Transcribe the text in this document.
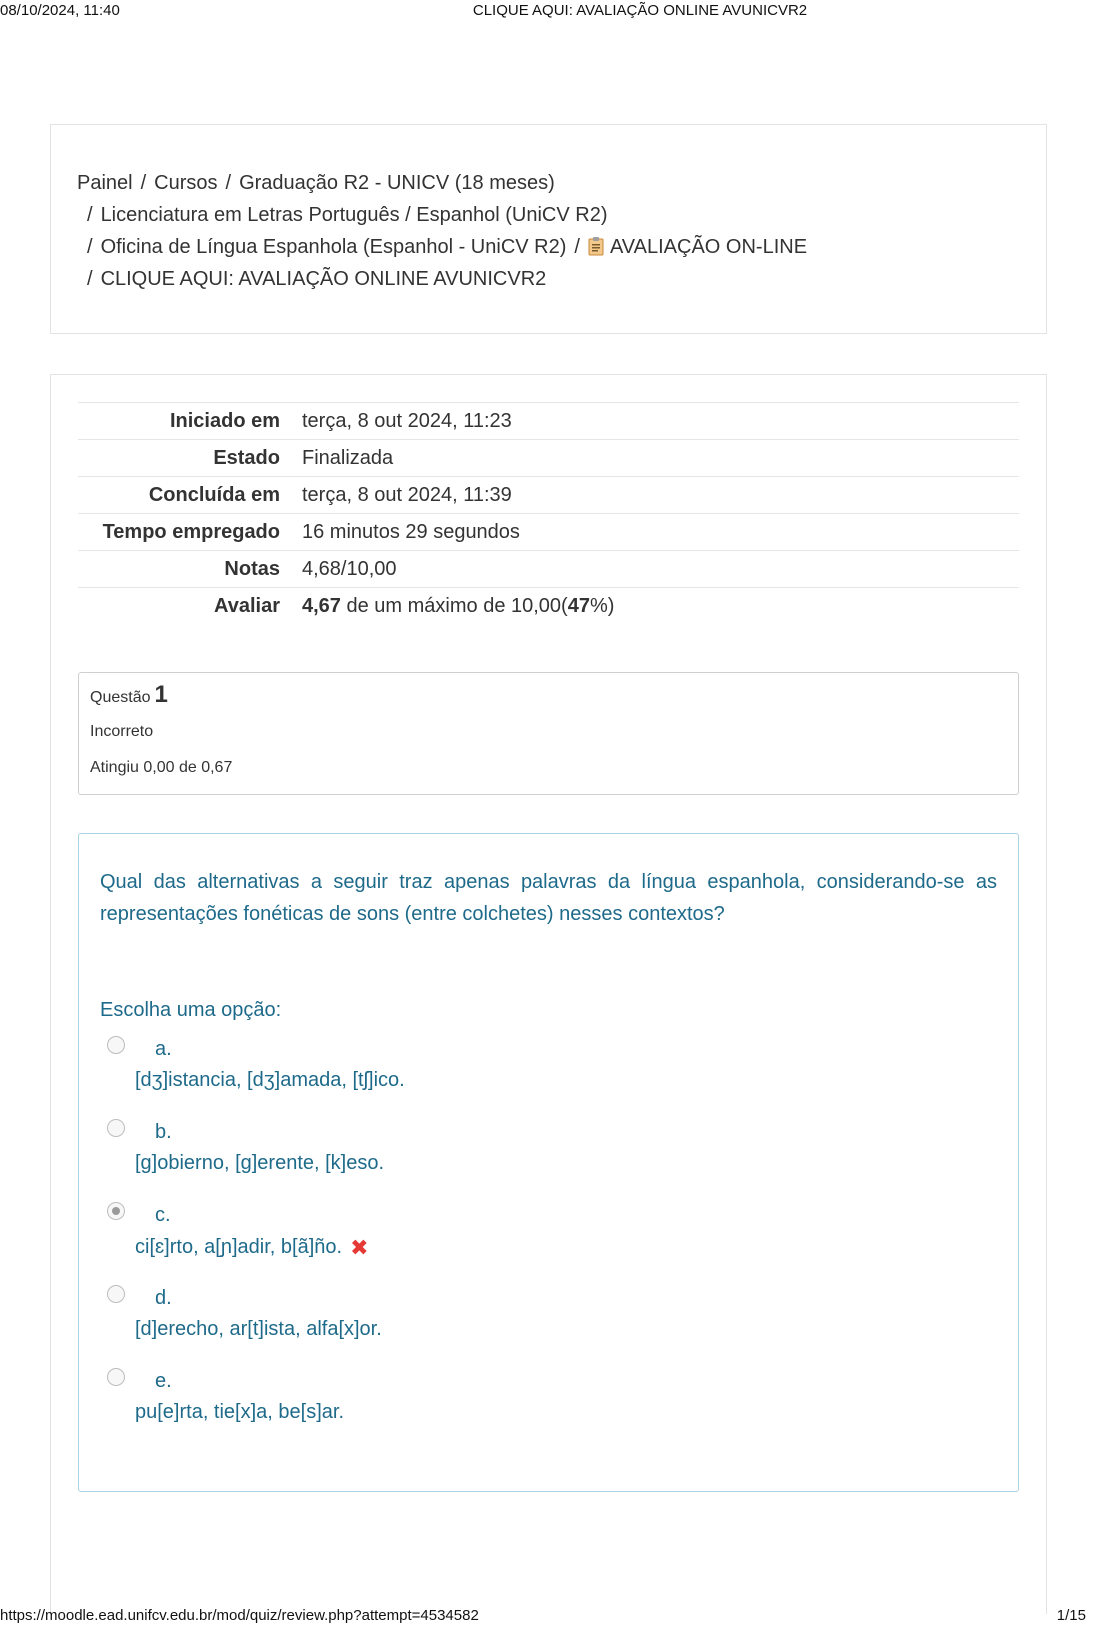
08/10/2024, 11:40	CLIQUE AQUI: AVALIAÇÃO ONLINE AVUNICVR2
Painel / Cursos / Graduação R2 - UNICV (18 meses)
/ Licenciatura em Letras Português / Espanhol (UniCV R2)
/ Oficina de Língua Espanhola (Espanhol - UniCV R2) / AVALIAÇÃO ON-LINE
/ CLIQUE AQUI: AVALIAÇÃO ONLINE AVUNICVR2
Iniciado em	terça, 8 out 2024, 11:23
Estado	Finalizada
Concluída em	terça, 8 out 2024, 11:39
Tempo empregado	16 minutos 29 segundos
Notas	4,68/10,00
Avaliar	4,67 de um máximo de 10,00(47%)
Questão 1
Incorreto
Atingiu 0,00 de 0,67
Qual das alternativas a seguir traz apenas palavras da língua espanhola, considerando-se as representações fonéticas de sons (entre colchetes) nesses contextos?
Escolha uma opção:
a.
[dʒ]istancia, [dʒ]amada, [tʃ]ico.
b.
[g]obierno, [g]erente, [k]eso.
c.
ci[ɛ]rto, a[ɲ]adir, b[ã]ño. ✖
d.
[d]erecho, ar[t]ista, alfa[x]or.
e.
pu[e]rta, tie[x]a, be[s]ar.
https://moodle.ead.unifcv.edu.br/mod/quiz/review.php?attempt=4534582	1/15
